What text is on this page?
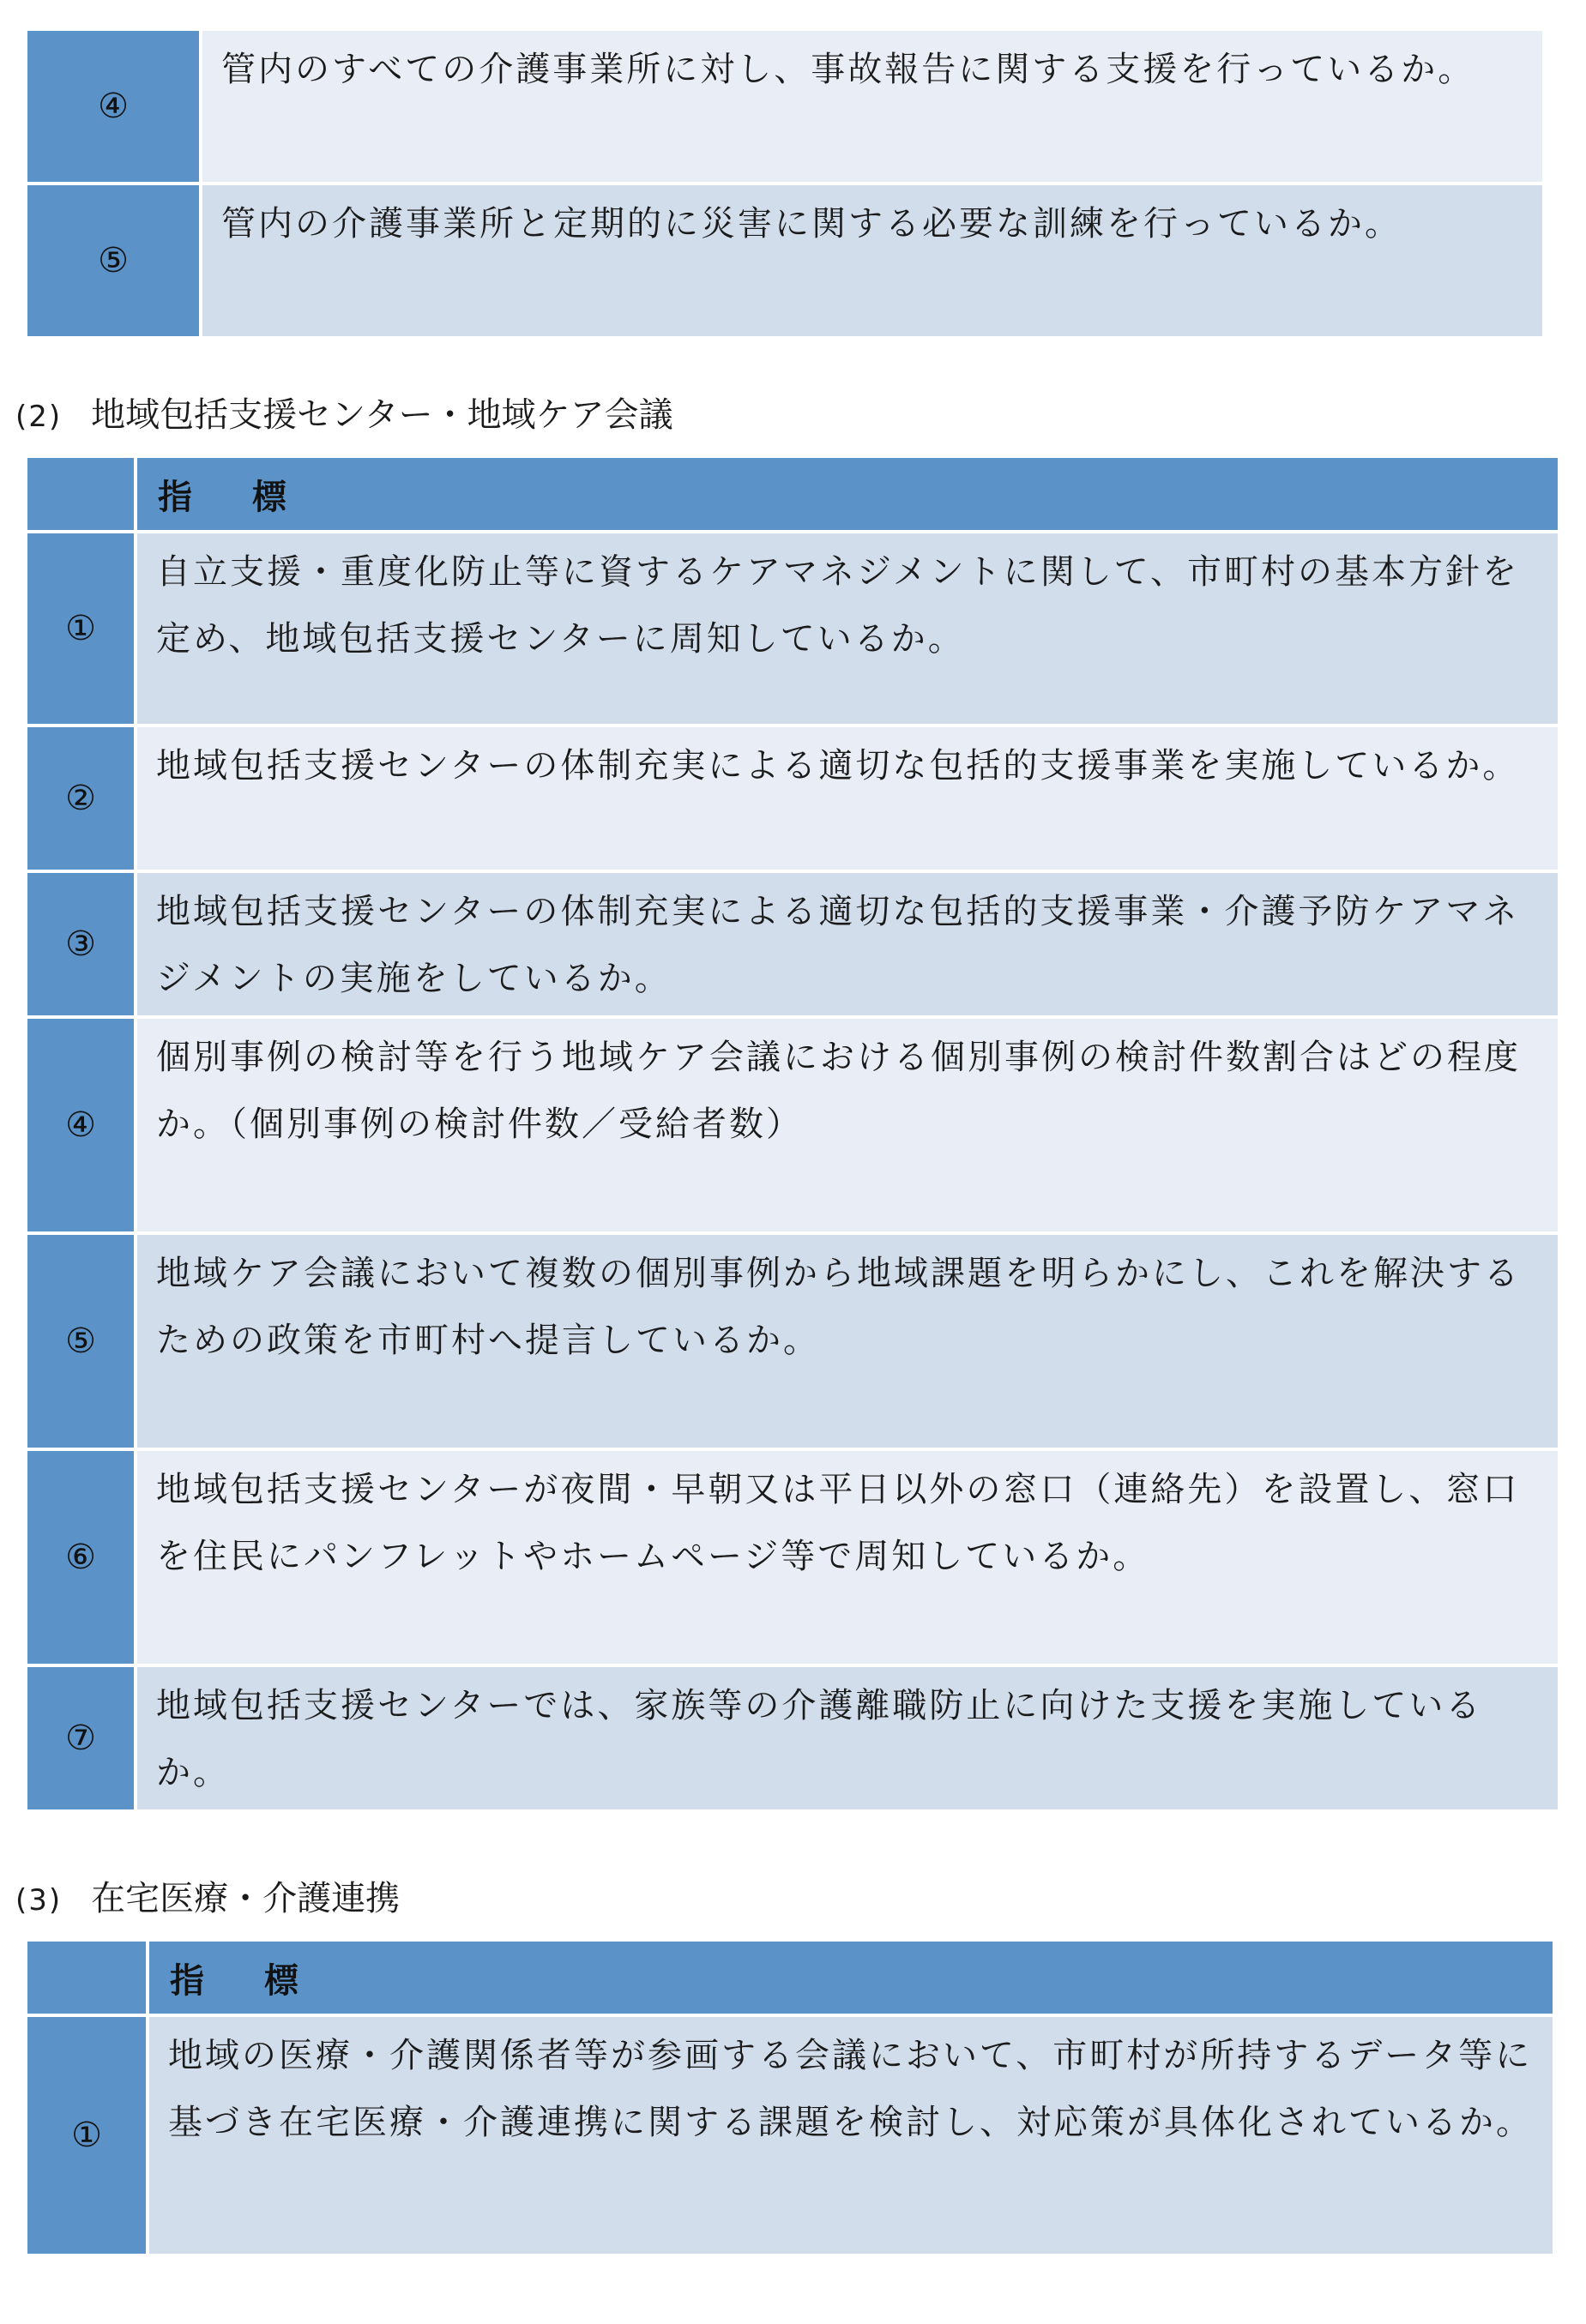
④	管内のすべての介護事業所に対し、事故報告に関する支援を行っているか。
⑤	管内の介護事業所と定期的に災害に関する必要な訓練を行っているか。
(2) 地域包括支援センター・地域ケア会議
	指 標
①	自立支援・重度化防止等に資するケアマネジメントに関して、市町村の基本方針を定め、地域包括支援センターに周知しているか。
②	地域包括支援センターの体制充実による適切な包括的支援事業を実施しているか。
③	地域包括支援センターの体制充実による適切な包括的支援事業・介護予防ケアマネジメントの実施をしているか。
④	個別事例の検討等を行う地域ケア会議における個別事例の検討件数割合はどの程度か。（個別事例の検討件数／受給者数）
⑤	地域ケア会議において複数の個別事例から地域課題を明らかにし、これを解決するための政策を市町村へ提言しているか。
⑥	地域包括支援センターが夜間・早朝又は平日以外の窓口（連絡先）を設置し、窓口を住民にパンフレットやホームページ等で周知しているか。
⑦	地域包括支援センターでは、家族等の介護離職防止に向けた支援を実施しているか。
(3) 在宅医療・介護連携
	指 標
①	地域の医療・介護関係者等が参画する会議において、市町村が所持するデータ等に基づき在宅医療・介護連携に関する課題を検討し、対応策が具体化されているか。
